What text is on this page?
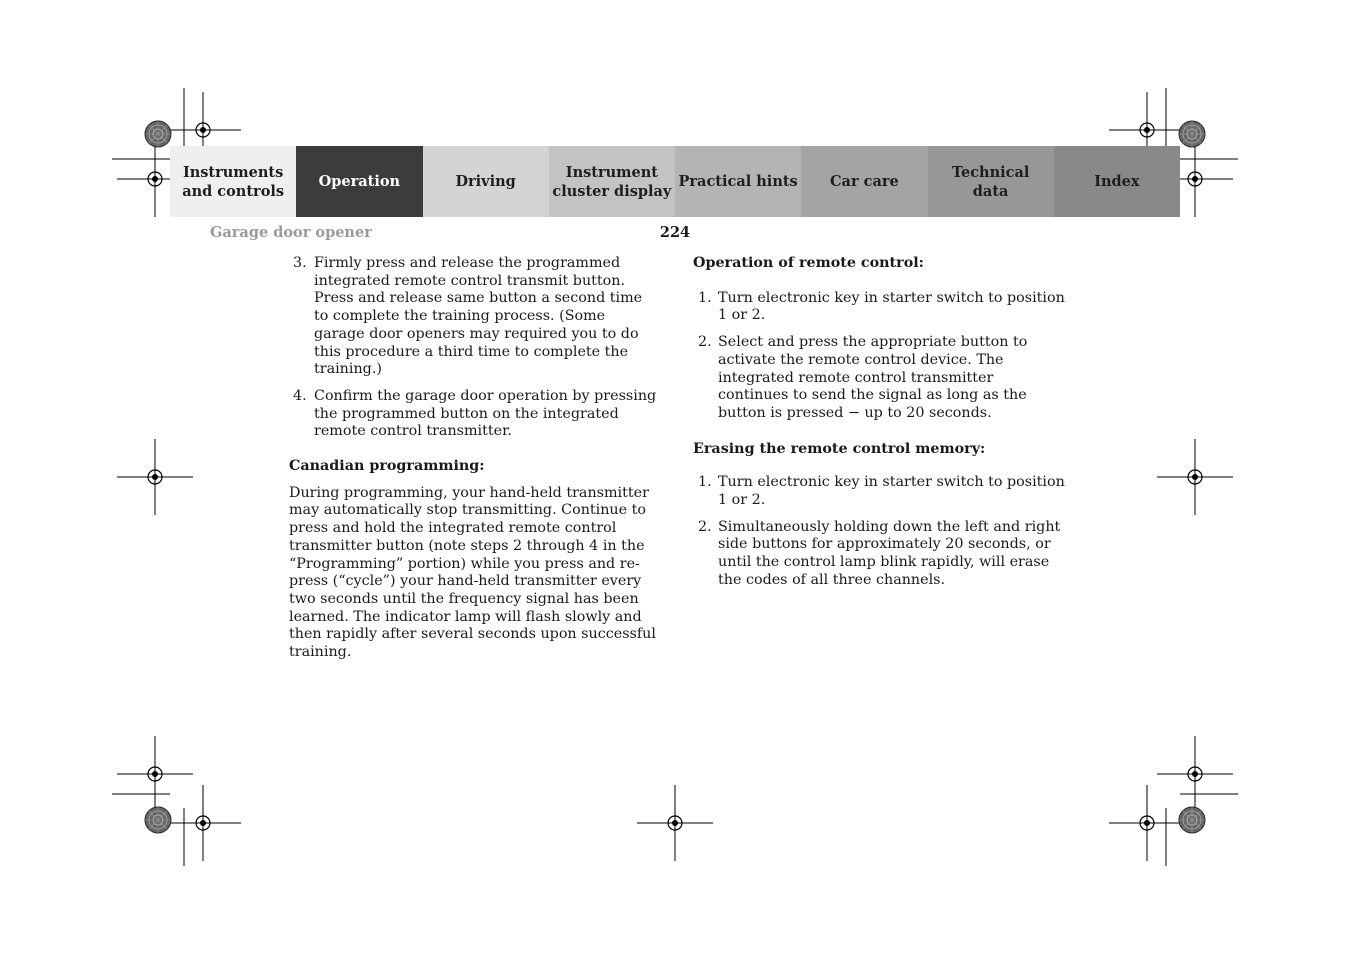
Instruments
and controls
Operation	Driving
Instrument
cluster display
Practical hints	Car care
Technical
data
Index
Garage door opener	224
3. Firmly press and release the programmed integrated remote control transmit button. Press and release same button a second time to complete the training process. (Some garage door openers may required you to do this procedure a third time to complete the training.)
4. Confirm the garage door operation by pressing the programmed button on the integrated remote control transmitter.

Canadian programming:

During programming, your hand-held transmitter may automatically stop transmitting. Continue to press and hold the integrated remote control transmitter button (note steps 2 through 4 in the “Programming” portion) while you press and re-press (“cycle”) your hand-held transmitter every two seconds until the frequency signal has been learned. The indicator lamp will flash slowly and then rapidly after several seconds upon successful training.

Operation of remote control:

1. Turn electronic key in starter switch to position 1 or 2.
2. Select and press the appropriate button to activate the remote control device. The integrated remote control transmitter continues to send the signal as long as the button is pressed − up to 20 seconds.

Erasing the remote control memory:

1. Turn electronic key in starter switch to position 1 or 2.
2. Simultaneously holding down the left and right side buttons for approximately 20 seconds, or until the control lamp blink rapidly, will erase the codes of all three channels.
